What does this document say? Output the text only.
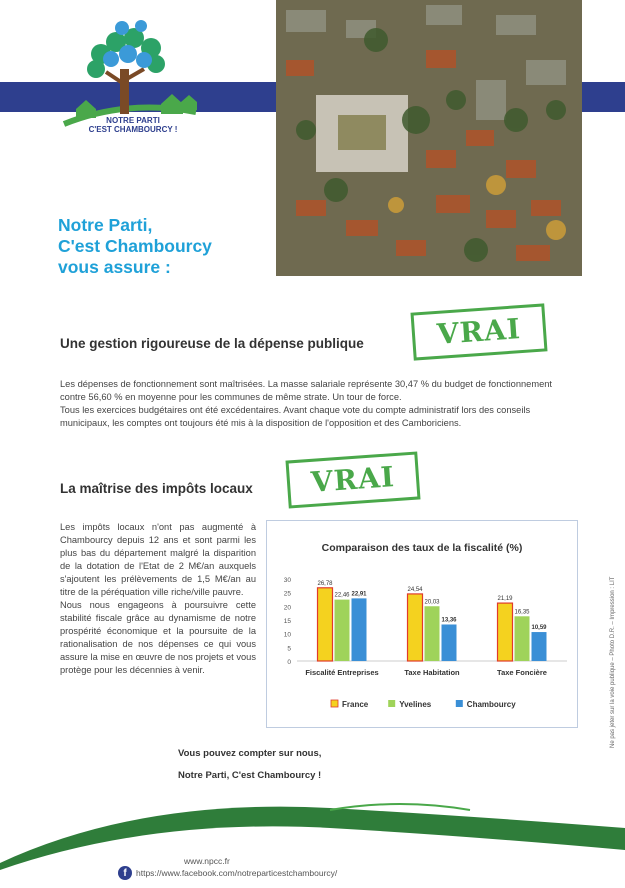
NOTRE PARTI
C'EST CHAMBOURCY !
Notre Parti,
C'est Chambourcy
vous assure :
Une gestion rigoureuse de la dépense publique	VRAI

Les dépenses de fonctionnement sont maîtrisées. La masse salariale représente 30,47 % du budget de fonctionnement contre 56,60 % en moyenne pour les communes de même strate. Un tour de force.

Tous les exercices budgétaires ont été excédentaires. Avant chaque vote du compte administratif lors des conseils municipaux, les comptes ont toujours été mis à la disposition de l'opposition et des Camboriciens.

La maîtrise des impôts locaux	VRAI

Les impôts locaux n'ont pas augmenté à Chambourcy depuis 12 ans et sont parmi les plus bas du département malgré la disparition de la dotation de l'Etat de 2 M€/an auxquels s'ajoutent les prélèvements de 1,5 M€/an au titre de la péréquation ville riche/ville pauvre.

Nous nous engageons à poursuivre cette stabilité fiscale grâce au dynamisme de notre prospérité économique et la poursuite de la rationalisation de nos dépenses ce qui vous assure la mise en œuvre de nos projets et vous protège pour les décennies à venir.

Comparaison des taux de la fiscalité (%)
0
5
10
15
20
25
30
Fiscalité Entreprises	Taxe Habitation	Taxe Foncière
26,78
22,46 22,91
24,54
20,03
13,36
21,19
16,35
10,59
France	Yvelines	Chambourcy
Vous pouvez compter sur nous,
Notre Parti, C'est Chambourcy !
www.npcc.fr
f	https://www.facebook.com/notreparticestchambourcy/
Ne pas jeter sur la voie publique – Photo D.R. – Impression : LIT
